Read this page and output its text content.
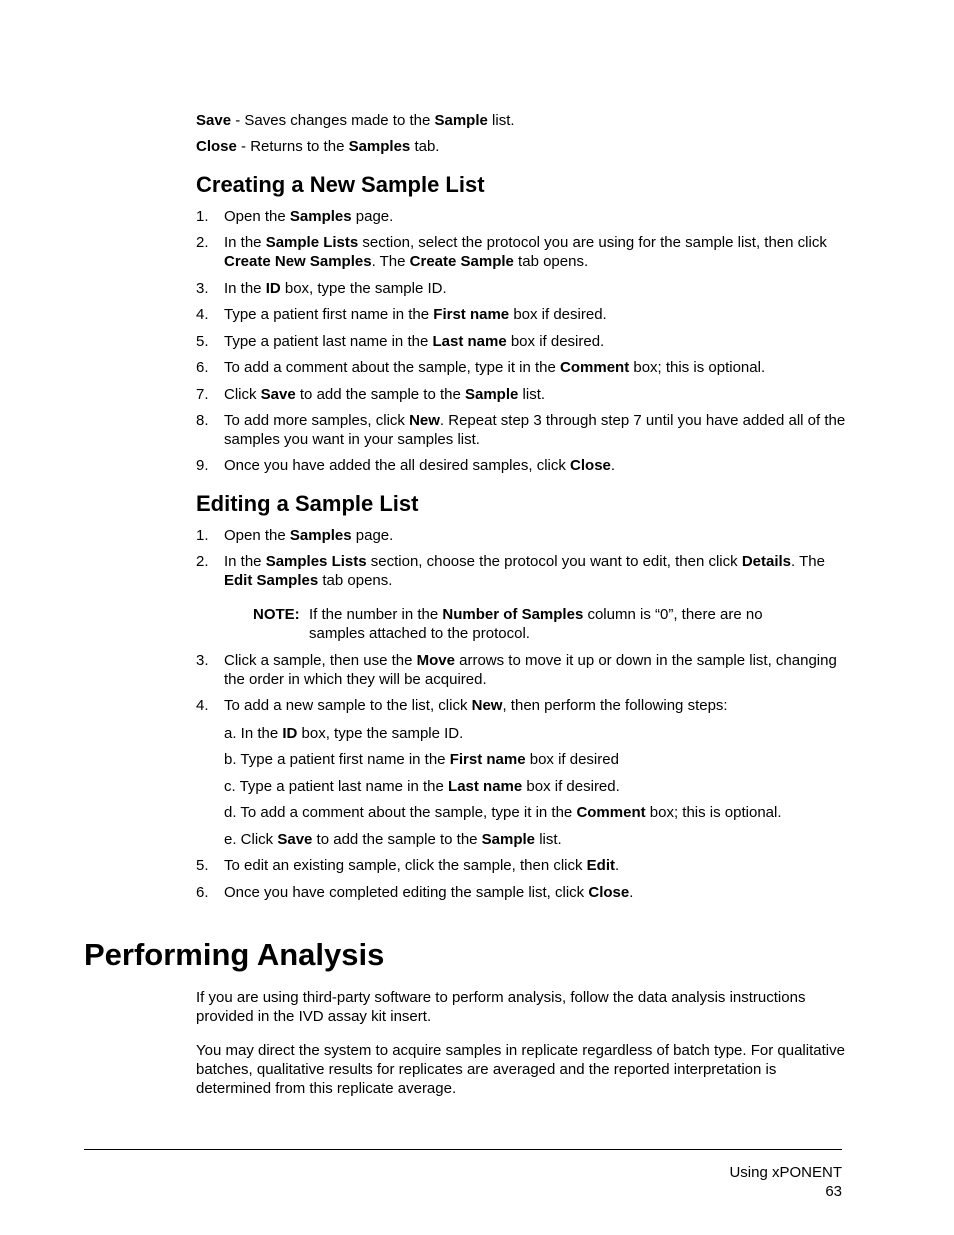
Save - Saves changes made to the Sample list.

Close - Returns to the Samples tab.

Creating a New Sample List
1. Open the Samples page.
2. In the Sample Lists section, select the protocol you are using for the sample list, then click Create New Samples. The Create Sample tab opens.
3. In the ID box, type the sample ID.
4. Type a patient first name in the First name box if desired.
5. Type a patient last name in the Last name box if desired.
6. To add a comment about the sample, type it in the Comment box; this is optional.
7. Click Save to add the sample to the Sample list.
8. To add more samples, click New. Repeat step 3 through step 7 until you have added all of the samples you want in your samples list.
9. Once you have added the all desired samples, click Close.
Editing a Sample List
1. Open the Samples page.
2. In the Samples Lists section, choose the protocol you want to edit, then click Details. The Edit Samples tab opens.
NOTE: If the number in the Number of Samples column is “0”, there are no samples attached to the protocol.
3. Click a sample, then use the Move arrows to move it up or down in the sample list, changing the order in which they will be acquired.
4. To add a new sample to the list, click New, then perform the following steps:
a. In the ID box, type the sample ID.
b. Type a patient first name in the First name box if desired
c. Type a patient last name in the Last name box if desired.
d. To add a comment about the sample, type it in the Comment box; this is optional.
e. Click Save to add the sample to the Sample list.
5. To edit an existing sample, click the sample, then click Edit.
6. Once you have completed editing the sample list, click Close.
Performing Analysis

If you are using third-party software to perform analysis, follow the data analysis instructions provided in the IVD assay kit insert.

You may direct the system to acquire samples in replicate regardless of batch type. For qualitative batches, qualitative results for replicates are averaged and the reported interpretation is determined from this replicate average.

Using xPONENT
63
